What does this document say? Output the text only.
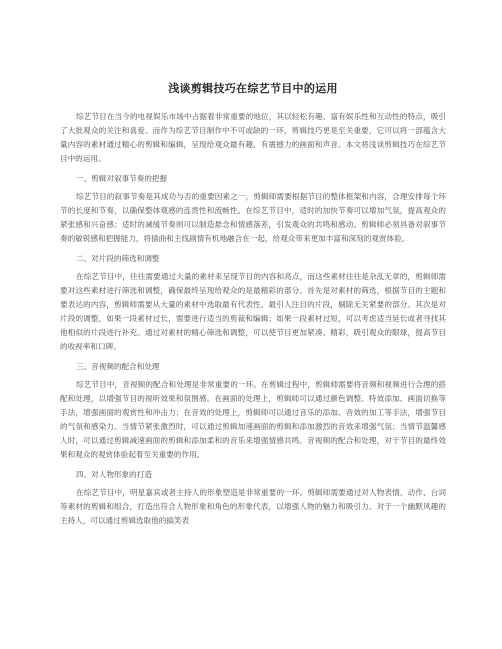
浅谈剪辑技巧在综艺节目中的运用

综艺节目在当今的电视娱乐市场中占据着非常重要的地位，其以轻松有趣、富有娱乐性和互动性的特点，吸引了大批观众的关注和喜爱。而作为综艺节目制作中不可或缺的一环，剪辑技巧更是至关重要，它可以将一部蕴含大量内容的素材通过精心的剪辑和编辑，呈现给观众最有趣、有震撼力的画面和声音。本文将浅谈剪辑技巧在综艺节目中的运用。

一、剪辑对叙事节奏的把握

综艺节目的叙事节奏是其成功与否的重要因素之一，剪辑师需要根据节目的整体框架和内容，合理安排每个环节的长度和节奏，以确保整体观感的连贯性和流畅性。在综艺节目中，适时的加快节奏可以增加气氛，提高观众的紧张感和兴奋感；适时的减缓节奏则可以制造悬念和情感落差，引发观众的共鸣和感动。剪辑师必须具备对叙事节奏的敏锐感和把握能力，将插曲和主线剧情有机地融合在一起，给观众带来更加丰富和深刻的观赏体验。

二、对片段的筛选和调整

在综艺节目中，往往需要通过大量的素材来呈现节目的内容和亮点，而这些素材往往是杂乱无章的，剪辑师需要对这些素材进行筛选和调整，确保最终呈现给观众的是最精彩的部分。首先是对素材的筛选，根据节目的主题和要表达的内容，剪辑师需要从大量的素材中选取最有代表性、最引人注目的片段，剔除无关紧要的部分。其次是对片段的调整，如果一段素材过长，需要进行适当的剪裁和编辑；如果一段素材过短，可以考虑适当延长或者寻找其他相似的片段进行补充。通过对素材的精心筛选和调整，可以使节目更加紧凑、精彩，吸引观众的眼球，提高节目的收视率和口碑。

三、音视频的配合和处理

综艺节目中，音视频的配合和处理是非常重要的一环。在剪辑过程中，剪辑师需要将音频和视频进行合理的搭配和处理，以增强节目的视听效果和氛围感。在画面的处理上，剪辑师可以通过颜色调整、特效添加、画面切换等手法，增强画面的观赏性和冲击力；在音效的处理上，剪辑师可以通过音乐的添加、音效的加工等手法，增强节目的气氛和感染力。当情节紧张激烈时，可以通过剪辑加速画面的剪辑和添加激烈的音效来增强气氛；当情节温馨感人时，可以通过剪辑减速画面的剪辑和添加柔和的音乐来增强情感共鸣。音视频的配合和处理，对于节目的最终效果和观众的观赏体验起着至关重要的作用。

四、对人物形象的打造

在综艺节目中，明星嘉宾或者主持人的形象塑造是非常重要的一环。剪辑师需要通过对人物表情、动作、台词等素材的剪辑和组合，打造出符合人物形象和角色的形象代表，以增强人物的魅力和吸引力。对于一个幽默风趣的主持人，可以通过剪辑选取他的搞笑表
